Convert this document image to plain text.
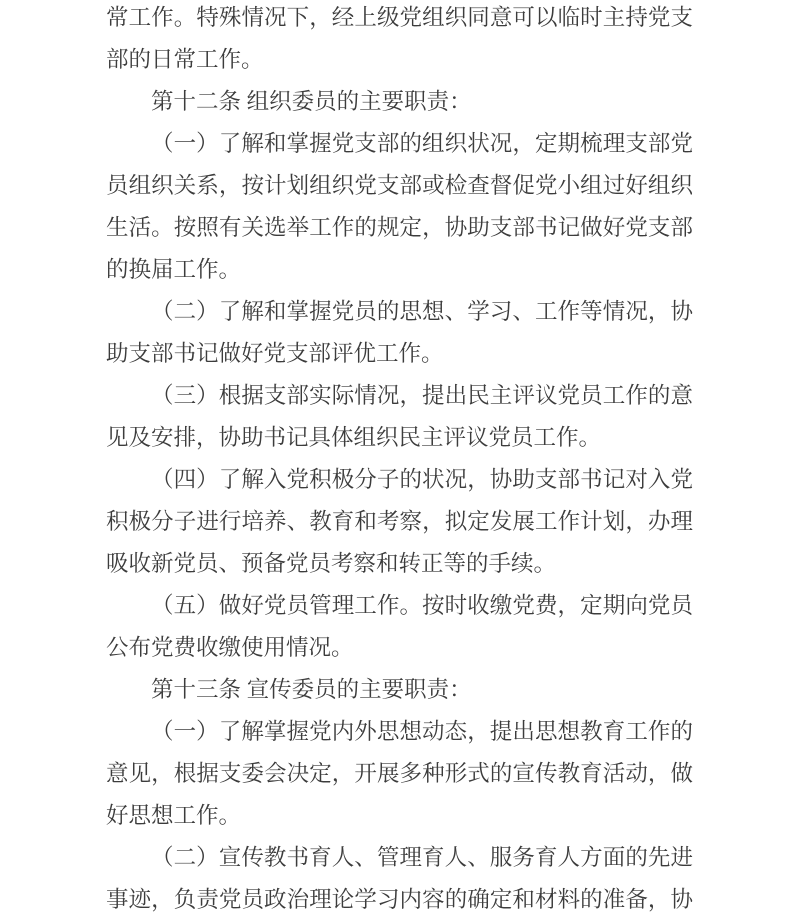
常工作。特殊情况下，经上级党组织同意可以临时主持党支
部的日常工作。
第十二条 组织委员的主要职责：
（一）了解和掌握党支部的组织状况，定期梳理支部党
员组织关系，按计划组织党支部或检查督促党小组过好组织
生活。按照有关选举工作的规定，协助支部书记做好党支部
的换届工作。
（二）了解和掌握党员的思想、学习、工作等情况，协
助支部书记做好党支部评优工作。
（三）根据支部实际情况，提出民主评议党员工作的意
见及安排，协助书记具体组织民主评议党员工作。
（四）了解入党积极分子的状况，协助支部书记对入党
积极分子进行培养、教育和考察，拟定发展工作计划，办理
吸收新党员、预备党员考察和转正等的手续。
（五）做好党员管理工作。按时收缴党费，定期向党员
公布党费收缴使用情况。
第十三条 宣传委员的主要职责：
（一）了解掌握党内外思想动态，提出思想教育工作的
意见，根据支委会决定，开展多种形式的宣传教育活动，做
好思想工作。
（二）宣传教书育人、管理育人、服务育人方面的先进
事迹，负责党员政治理论学习内容的确定和材料的准备，协
